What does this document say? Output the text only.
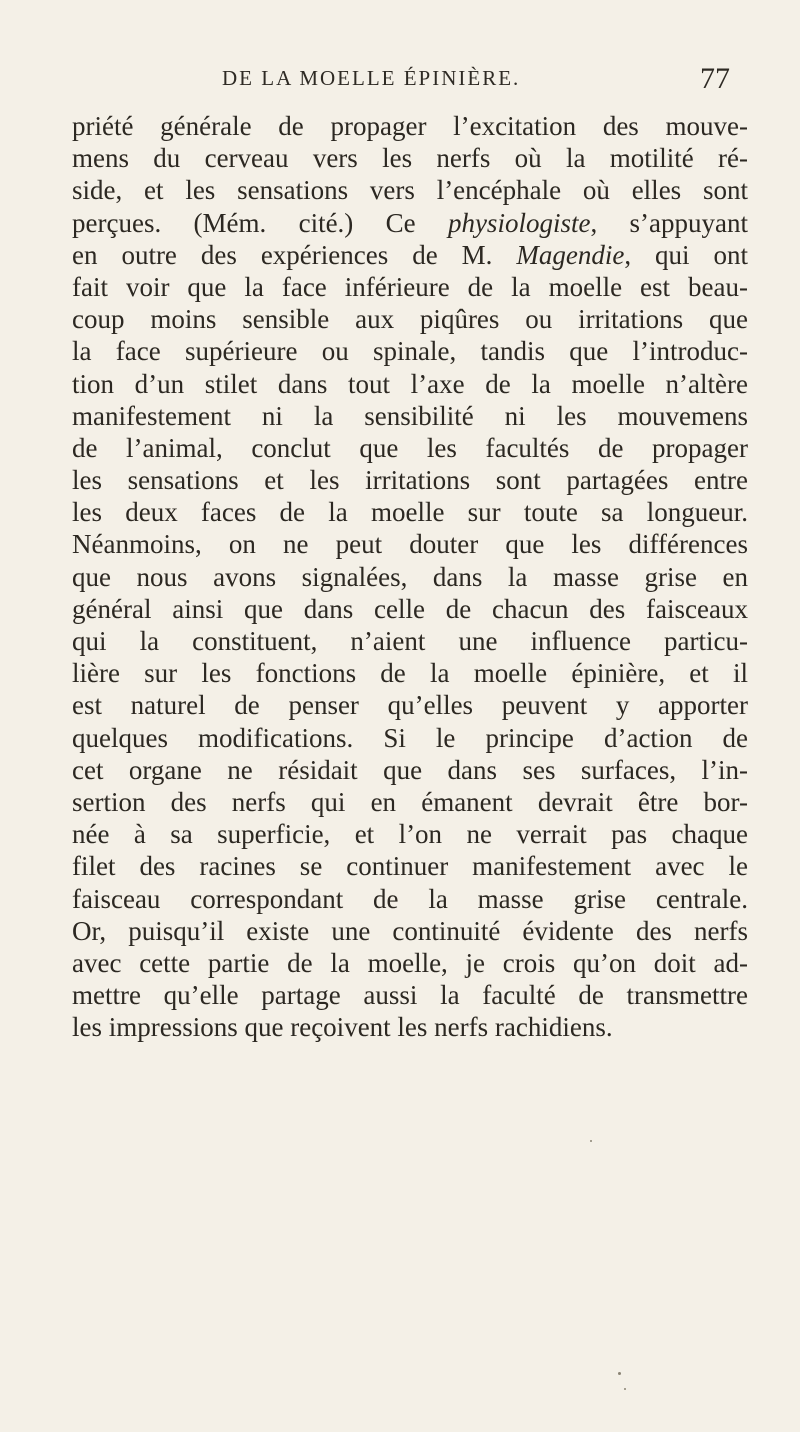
DE LA MOELLE ÉPINIÈRE.	77
priété générale de propager l’excitation des mouve-
mens du cerveau vers les nerfs où la motilité ré-
side, et les sensations vers l’encéphale où elles sont
perçues. (Mém. cité.) Ce physiologiste, s’appuyant
en outre des expériences de M. Magendie, qui ont
fait voir que la face inférieure de la moelle est beau-
coup moins sensible aux piqûres ou irritations que
la face supérieure ou spinale, tandis que l’introduc-
tion d’un stilet dans tout l’axe de la moelle n’altère
manifestement ni la sensibilité ni les mouvemens
de l’animal, conclut que les facultés de propager
les sensations et les irritations sont partagées entre
les deux faces de la moelle sur toute sa longueur.
Néanmoins, on ne peut douter que les différences
que nous avons signalées, dans la masse grise en
général ainsi que dans celle de chacun des faisceaux
qui la constituent, n’aient une influence particu-
lière sur les fonctions de la moelle épinière, et il
est naturel de penser qu’elles peuvent y apporter
quelques modifications. Si le principe d’action de
cet organe ne résidait que dans ses surfaces, l’in-
sertion des nerfs qui en émanent devrait être bor-
née à sa superficie, et l’on ne verrait pas chaque
filet des racines se continuer manifestement avec le
faisceau correspondant de la masse grise centrale.
Or, puisqu’il existe une continuité évidente des nerfs
avec cette partie de la moelle, je crois qu’on doit ad-
mettre qu’elle partage aussi la faculté de transmettre
les impressions que reçoivent les nerfs rachidiens.
